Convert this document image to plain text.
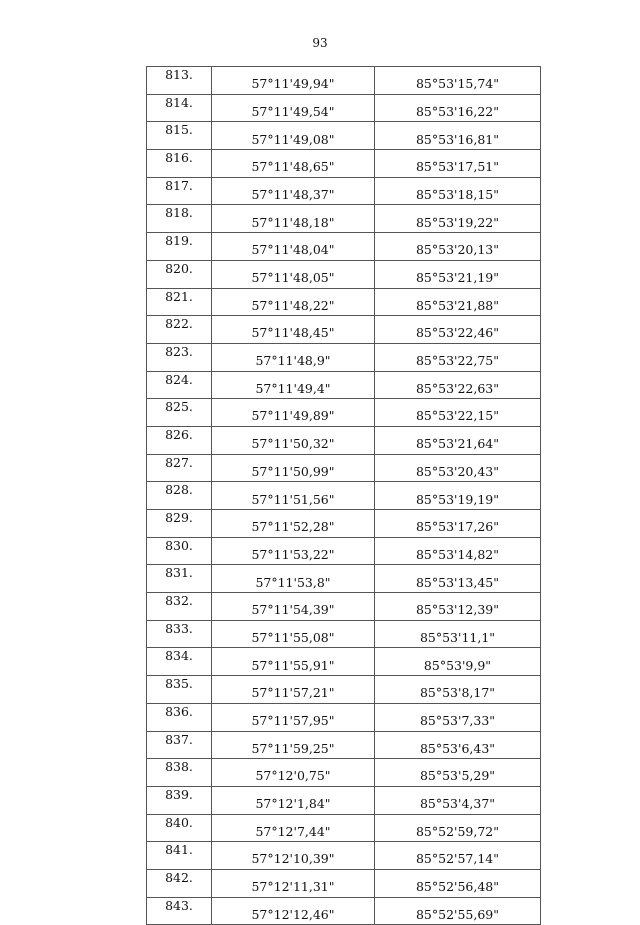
93
813.	57°11'49,94"	85°53'15,74"
814.	57°11'49,54"	85°53'16,22"
815.	57°11'49,08"	85°53'16,81"
816.	57°11'48,65"	85°53'17,51"
817.	57°11'48,37"	85°53'18,15"
818.	57°11'48,18"	85°53'19,22"
819.	57°11'48,04"	85°53'20,13"
820.	57°11'48,05"	85°53'21,19"
821.	57°11'48,22"	85°53'21,88"
822.	57°11'48,45"	85°53'22,46"
823.	57°11'48,9"	85°53'22,75"
824.	57°11'49,4"	85°53'22,63"
825.	57°11'49,89"	85°53'22,15"
826.	57°11'50,32"	85°53'21,64"
827.	57°11'50,99"	85°53'20,43"
828.	57°11'51,56"	85°53'19,19"
829.	57°11'52,28"	85°53'17,26"
830.	57°11'53,22"	85°53'14,82"
831.	57°11'53,8"	85°53'13,45"
832.	57°11'54,39"	85°53'12,39"
833.	57°11'55,08"	85°53'11,1"
834.	57°11'55,91"	85°53'9,9"
835.	57°11'57,21"	85°53'8,17"
836.	57°11'57,95"	85°53'7,33"
837.	57°11'59,25"	85°53'6,43"
838.	57°12'0,75"	85°53'5,29"
839.	57°12'1,84"	85°53'4,37"
840.	57°12'7,44"	85°52'59,72"
841.	57°12'10,39"	85°52'57,14"
842.	57°12'11,31"	85°52'56,48"
843.	57°12'12,46"	85°52'55,69"
